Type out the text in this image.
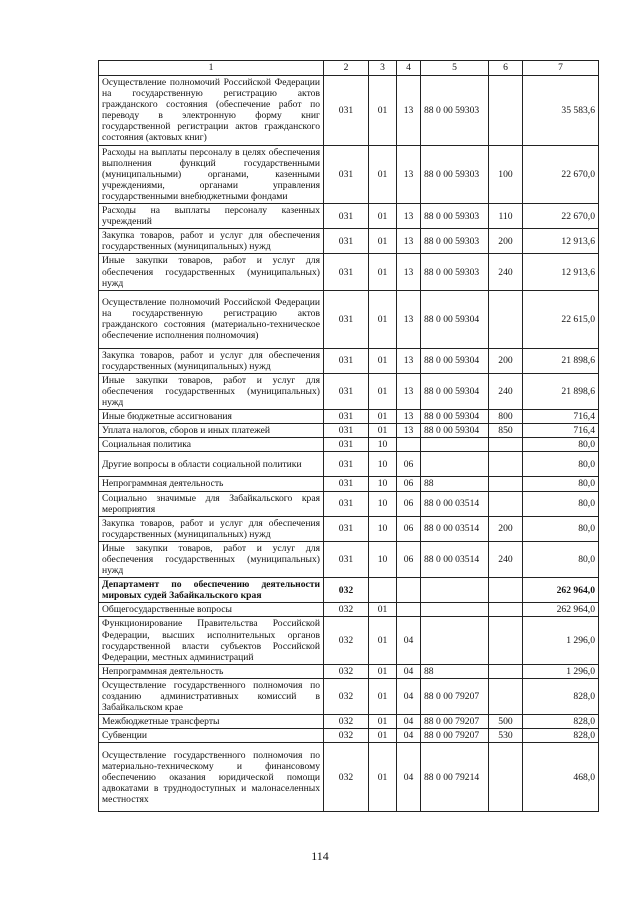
1	2	3	4	5	6	7
Осуществление полномочий Российской Федерации на государственную регистрацию актов гражданского состояния (обеспечение работ по переводу в электронную форму книг государственной регистрации актов гражданского состояния (актовых книг)	031	01	13	88 0 00 59303		35 583,6
Расходы на выплаты персоналу в целях обеспечения выполнения функций государственными (муниципальными) органами, казенными учреждениями, органами управления государственными внебюджетными фондами	031	01	13	88 0 00 59303	100	22 670,0
Расходы на выплаты персоналу казенных учреждений	031	01	13	88 0 00 59303	110	22 670,0
Закупка товаров, работ и услуг для обеспечения государственных (муниципальных) нужд	031	01	13	88 0 00 59303	200	12 913,6
Иные закупки товаров, работ и услуг для обеспечения государственных (муниципальных) нужд	031	01	13	88 0 00 59303	240	12 913,6
Осуществление полномочий Российской Федерации на государственную регистрацию актов гражданского состояния (материально-техническое обеспечение исполнения полномочия)	031	01	13	88 0 00 59304		22 615,0
Закупка товаров, работ и услуг для обеспечения государственных (муниципальных) нужд	031	01	13	88 0 00 59304	200	21 898,6
Иные закупки товаров, работ и услуг для обеспечения государственных (муниципальных) нужд	031	01	13	88 0 00 59304	240	21 898,6
Иные бюджетные ассигнования	031	01	13	88 0 00 59304	800	716,4
Уплата налогов, сборов и иных платежей	031	01	13	88 0 00 59304	850	716,4
Социальная политика	031	10				80,0
Другие вопросы в области социальной политики	031	10	06			80,0
Непрограммная деятельность	031	10	06	88		80,0
Социально значимые для Забайкальского края мероприятия	031	10	06	88 0 00 03514		80,0
Закупка товаров, работ и услуг для обеспечения государственных (муниципальных) нужд	031	10	06	88 0 00 03514	200	80,0
Иные закупки товаров, работ и услуг для обеспечения государственных (муниципальных) нужд	031	10	06	88 0 00 03514	240	80,0
Департамент по обеспечению деятельности мировых судей Забайкальского края	032					262 964,0
Общегосударственные вопросы	032	01				262 964,0
Функционирование Правительства Российской Федерации, высших исполнительных органов государственной власти субъектов Российской Федерации, местных администраций	032	01	04			1 296,0
Непрограммная деятельность	032	01	04	88		1 296,0
Осуществление государственного полномочия по созданию административных комиссий в Забайкальском крае	032	01	04	88 0 00 79207		828,0
Межбюджетные трансферты	032	01	04	88 0 00 79207	500	828,0
Субвенции	032	01	04	88 0 00 79207	530	828,0
Осуществление государственного полномочия по материально-техническому и финансовому обеспечению оказания юридической помощи адвокатами в труднодоступных и малонаселенных местностях	032	01	04	88 0 00 79214		468,0
114
